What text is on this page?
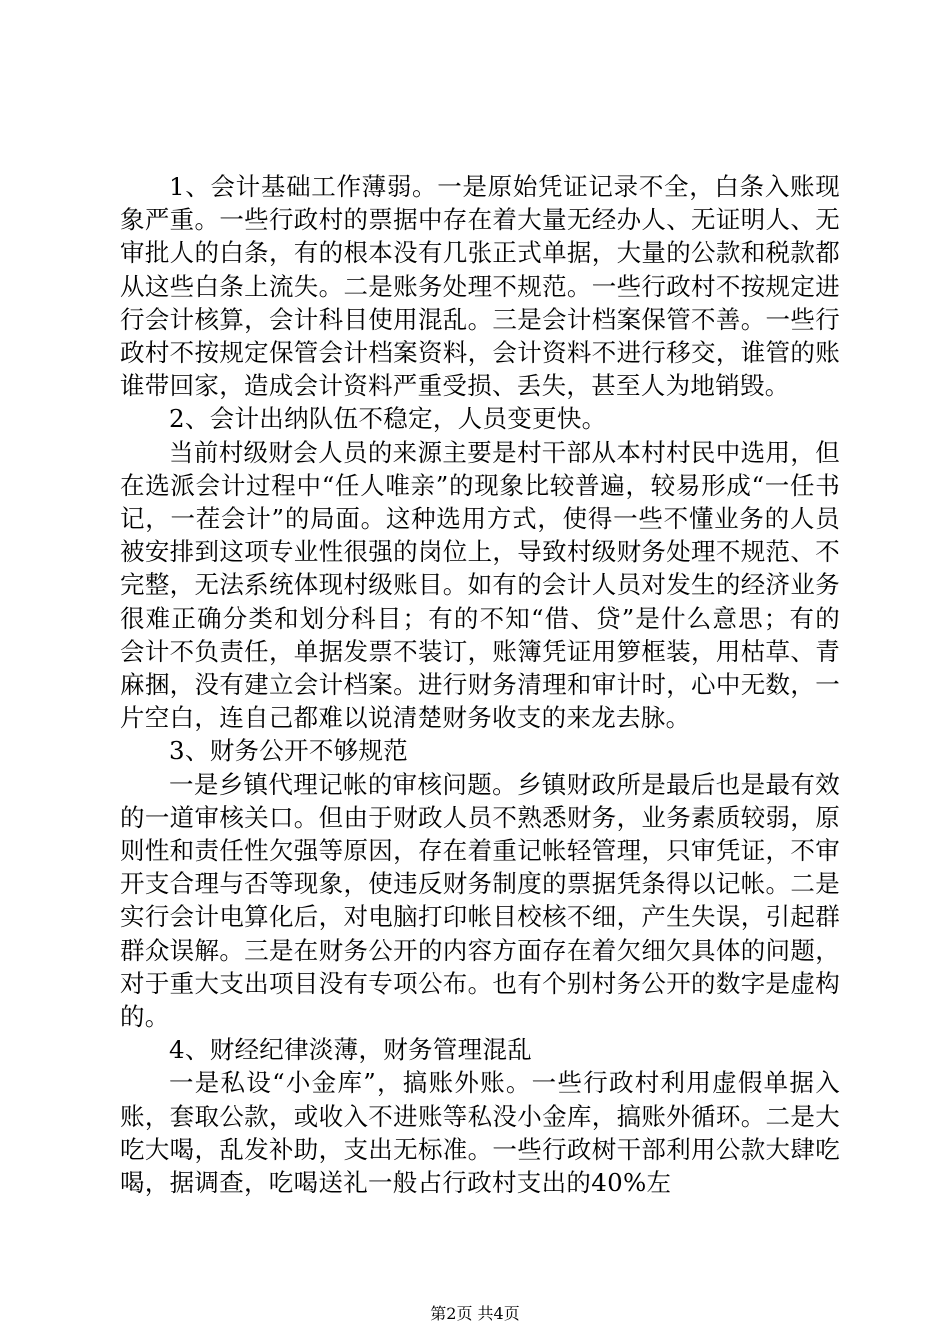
1、会计基础工作薄弱。一是原始凭证记录不全，白条入账现象严重。一些行政村的票据中存在着大量无经办人、无证明人、无审批人的白条，有的根本没有几张正式单据，大量的公款和税款都从这些白条上流失。二是账务处理不规范。一些行政村不按规定进行会计核算，会计科目使用混乱。三是会计档案保管不善。一些行政村不按规定保管会计档案资料，会计资料不进行移交，谁管的账谁带回家，造成会计资料严重受损、丢失，甚至人为地销毁。

2、会计出纳队伍不稳定，人员变更快。

当前村级财会人员的来源主要是村干部从本村村民中选用，但在选派会计过程中“任人唯亲”的现象比较普遍，较易形成“一任书记，一茬会计”的局面。这种选用方式，使得一些不懂业务的人员被安排到这项专业性很强的岗位上，导致村级财务处理不规范、不完整，无法系统体现村级账目。如有的会计人员对发生的经济业务很难正确分类和划分科目；有的不知“借、贷”是什么意思；有的会计不负责任，单据发票不装订，账簿凭证用箩框装，用枯草、青麻捆，没有建立会计档案。进行财务清理和审计时，心中无数，一片空白，连自己都难以说清楚财务收支的来龙去脉。

3、财务公开不够规范

一是乡镇代理记帐的审核问题。乡镇财政所是最后也是最有效的一道审核关口。但由于财政人员不熟悉财务，业务素质较弱，原则性和责任性欠强等原因，存在着重记帐轻管理，只审凭证，不审开支合理与否等现象，使违反财务制度的票据凭条得以记帐。二是实行会计电算化后，对电脑打印帐目校核不细，产生失误，引起群群众误解。三是在财务公开的内容方面存在着欠细欠具体的问题，对于重大支出项目没有专项公布。也有个别村务公开的数字是虚构的。

4、财经纪律淡薄，财务管理混乱

一是私设“小金库”，搞账外账。一些行政村利用虚假单据入账，套取公款，或收入不进账等私没小金库，搞账外循环。二是大吃大喝，乱发补助，支出无标准。一些行政树干部利用公款大肆吃喝，据调查，吃喝送礼一般占行政村支出的40%左

第2页 共4页
